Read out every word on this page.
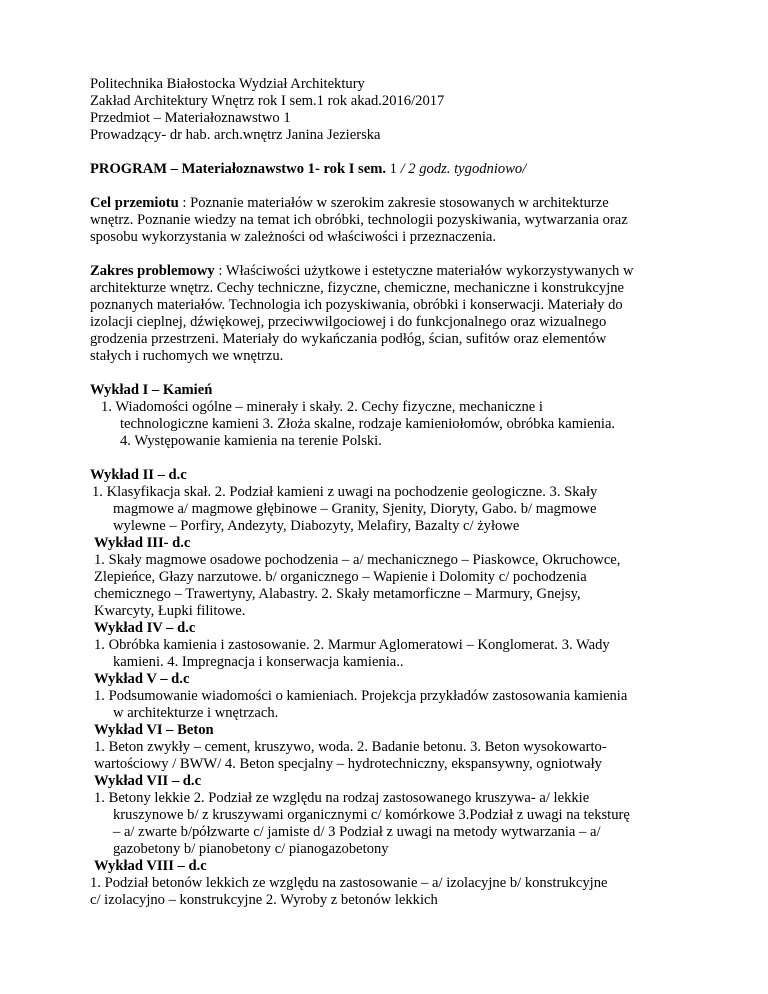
Politechnika Białostocka Wydział Architektury
Zakład Architektury Wnętrz rok I sem.1 rok akad.2016/2017
Przedmiot – Materiałoznawstwo 1
Prowadzący- dr hab. arch.wnętrz Janina Jezierska
PROGRAM – Materiałoznawstwo 1- rok I sem. 1 / 2 godz. tygodniowo/
Cel przemiotu : Poznanie materiałów w szerokim zakresie stosowanych w architekturze
wnętrz. Poznanie wiedzy na temat ich obróbki, technologii pozyskiwania, wytwarzania oraz
sposobu wykorzystania w zależności od właściwości i przeznaczenia.
Zakres problemowy : Właściwości użytkowe i estetyczne materiałów wykorzystywanych w
architekturze wnętrz. Cechy techniczne, fizyczne, chemiczne, mechaniczne i konstrukcyjne
poznanych materiałów. Technologia ich pozyskiwania, obróbki i konserwacji. Materiały do
izolacji cieplnej, dźwiękowej, przeciwwilgociowej i do funkcjonalnego oraz wizualnego
grodzenia przestrzeni. Materiały do wykańczania podłóg, ścian, sufitów oraz elementów
stałych i ruchomych we wnętrzu.
Wykład I – Kamień
1. Wiadomości ogólne – minerały i skały. 2. Cechy fizyczne, mechaniczne i
technologiczne kamieni 3. Złoża skalne, rodzaje kamieniołomów, obróbka kamienia.
4. Występowanie kamienia na terenie Polski.
Wykład II – d.c
1. Klasyfikacja skał. 2. Podział kamieni z uwagi na pochodzenie geologiczne. 3. Skały
magmowe a/ magmowe głębinowe – Granity, Sjenity, Dioryty, Gabo. b/ magmowe
wylewne – Porfiry, Andezyty, Diabozyty, Melafiry, Bazalty c/ żyłowe
Wykład III- d.c
1. Skały magmowe osadowe pochodzenia – a/ mechanicznego – Piaskowce, Okruchowce,
Zlepieńce, Głazy narzutowe. b/ organicznego – Wapienie i Dolomity c/ pochodzenia
chemicznego – Trawertyny, Alabastry. 2. Skały metamorficzne – Marmury, Gnejsy,
Kwarcyty, Łupki filitowe.
Wykład IV – d.c
1. Obróbka kamienia i zastosowanie. 2. Marmur Aglomeratowi – Konglomerat. 3. Wady
kamieni. 4. Impregnacja i konserwacja kamienia..
Wykład V – d.c
1. Podsumowanie wiadomości o kamieniach. Projekcja przykładów zastosowania kamienia
w architekturze i wnętrzach.
Wykład VI – Beton
1. Beton zwykły – cement, kruszywo, woda. 2. Badanie betonu. 3. Beton wysokowarto-
wartościowy / BWW/ 4. Beton specjalny – hydrotechniczny, ekspansywny, ogniotwały
Wykład VII – d.c
1. Betony lekkie 2. Podział ze względu na rodzaj zastosowanego kruszywa- a/ lekkie
kruszynowe b/ z kruszywami organicznymi c/ komórkowe 3.Podział z uwagi na teksturę
– a/ zwarte b/półzwarte c/ jamiste d/ 3 Podział z uwagi na metody wytwarzania – a/
gazobetony b/ pianobetony c/ pianogazobetony
Wykład VIII – d.c
1. Podział betonów lekkich ze względu na zastosowanie – a/ izolacyjne b/ konstrukcyjne
c/ izolacyjno – konstrukcyjne 2. Wyroby z betonów lekkich
